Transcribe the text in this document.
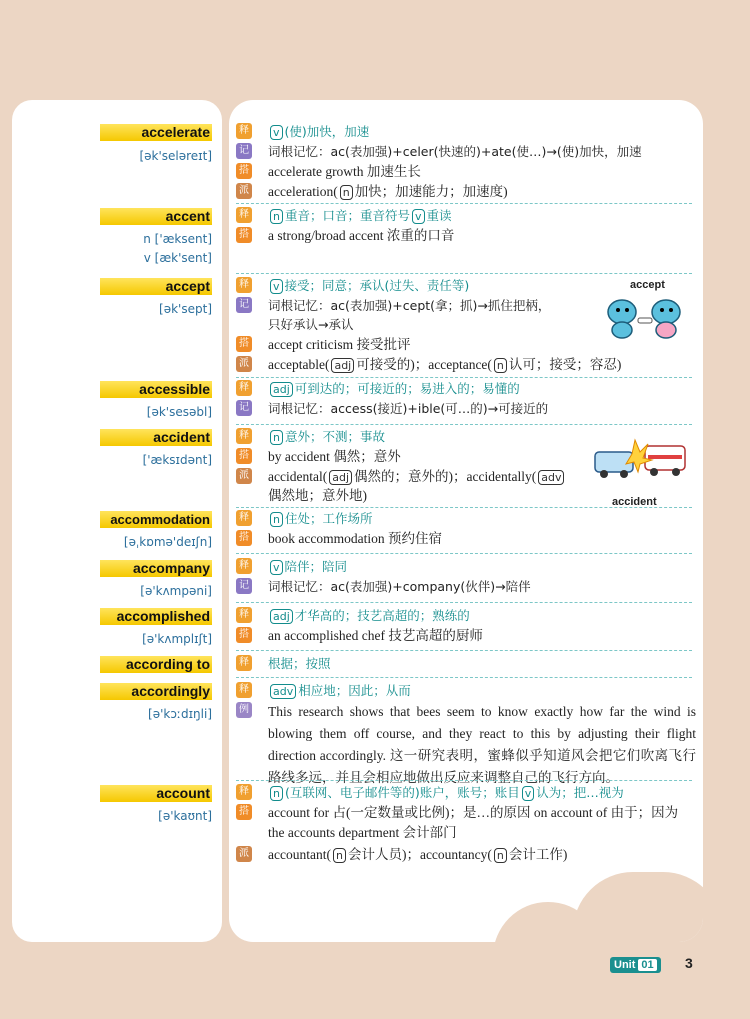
accelerate
[ək'seləreɪt]
释	v (使)加快，加速
记 词根记忆：ac(表加强)+celer(快速的)+ate(使…)→(使)加快，加速
搭 accelerate growth 加速生长
派 acceleration( n 加快；加速能力；加速度)
accent
n ['æksent]
v [æk'sent]
释	n 重音；口音；重音符号 v 重读
搭 a strong/broad accent 浓重的口音
accept
[ək'sept]
释	v 接受；同意；承认(过失、责任等)
记 词根记忆：ac(表加强)+cept(拿；抓)→抓住把柄，
只好承认→承认
搭 accept criticism 接受批评
派 acceptable( adj 可接受的)；acceptance( n 认可；接受；容忍)
accept
accessible
[ək'sesəbl]
释	adj 可到达的；可接近的；易进入的；易懂的
记 词根记忆：access(接近)+ible(可…的)→可接近的
accident
['æksɪdənt]
释	n 意外；不测；事故
搭 by accident 偶然；意外
派 accidental( adj 偶然的；意外的)；accidentally( adv
偶然地；意外地)	accident
accommodation
[əˌkɒmə'deɪʃn]
释	n 住处；工作场所
搭 book accommodation 预约住宿
accompany
[ə'kʌmpəni]
释	v 陪伴；陪同
记 词根记忆：ac(表加强)+company(伙伴)→陪伴
accomplished
[ə'kʌmplɪʃt]
释	adj 才华高的；技艺高超的；熟练的
搭 an accomplished chef 技艺高超的厨师
according to	释 根据；按照
accordingly
[ə'kɔːdɪŋli]
释	adv 相应地；因此；从而
例 This research shows that bees seem to know exactly how far the wind is blowing them off course, and they react to this by adjusting their flight direction accordingly. 这一研究表明，蜜蜂似乎知道风会把它们吹离飞行路线多远，并且会相应地做出反应来调整自己的飞行方向。
account
[ə'kaʊnt]
释	n (互联网、电子邮件等的)账户，账号；账目 v 认为；把…视为
搭 account for 占(一定数量或比例)；是…的原因 on account of 由于；因为 the accounts department 会计部门
派 accountant( n 会计人员)；accountancy( n 会计工作)
Unit 01	3
